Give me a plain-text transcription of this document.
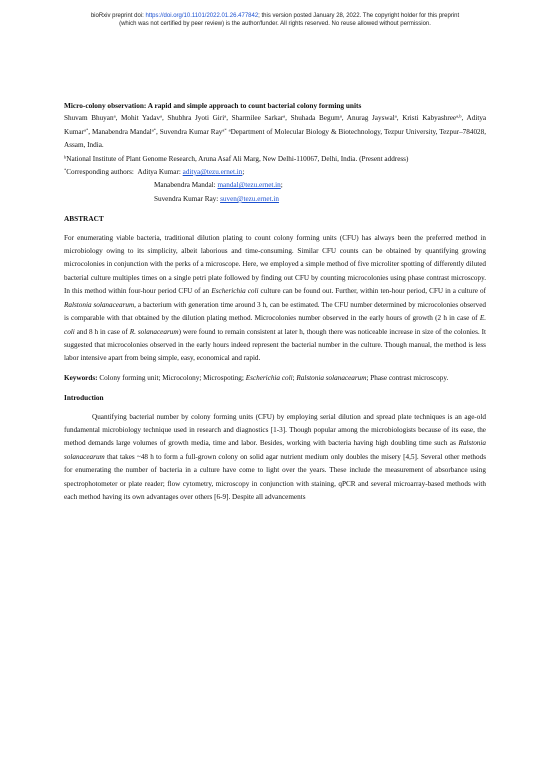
bioRxiv preprint doi: https://doi.org/10.1101/2022.01.26.477842; this version posted January 28, 2022. The copyright holder for this preprint
(which was not certified by peer review) is the author/funder. All rights reserved. No reuse allowed without permission.

Micro-colony observation: A rapid and simple approach to count bacterial colony forming units

Shuvam Bhuyan$^a$, Mohit Yadav$^a$, Shubhra Jyoti Giri$^a$, Sharmilee Sarkar$^a$, Shuhada Begum$^a$, Anurag Jayswal$^a$, Kristi Kabyashree$^{a,b}$, Aditya Kumar$^{a*}$, Manabendra Mandal$^{a*}$, Suvendra Kumar Ray$^{a*}$ $^a$Department of Molecular Biology & Biotechnology, Tezpur University, Tezpur–784028, Assam, India.

$^b$National Institute of Plant Genome Research, Aruna Asaf Ali Marg, New Delhi-110067, Delhi, India. (Present address)

*Corresponding authors: Aditya Kumar: aditya@tezu.ernet.in;

Manabendra Mandal: mandal@tezu.ernet.in;

Suvendra Kumar Ray: suven@tezu.ernet.in

ABSTRACT

For enumerating viable bacteria, traditional dilution plating to count colony forming units (CFU) has always been the preferred method in microbiology owing to its simplicity, albeit laborious and time-consuming. Similar CFU counts can be obtained by quantifying growing microcolonies in conjunction with the perks of a microscope. Here, we employed a simple method of five microliter spotting of differently diluted bacterial culture multiples times on a single petri plate followed by finding out CFU by counting microcolonies using phase contrast microscopy. In this method within four-hour period CFU of an Escherichia coli culture can be found out. Further, within ten-hour period, CFU in a culture of Ralstonia solanacearum, a bacterium with generation time around 3 h, can be estimated. The CFU number determined by microcolonies observed is comparable with that obtained by the dilution plating method. Microcolonies number observed in the early hours of growth (2 h in case of E. coli and 8 h in case of R. solanacearum) were found to remain consistent at later h, though there was noticeable increase in size of the colonies. It suggested that microcolonies observed in the early hours indeed represent the bacterial number in the culture. Though manual, the method is less labor intensive apart from being simple, easy, economical and rapid.

Keywords: Colony forming unit; Microcolony; Microspoting; Escherichia coli; Ralstonia solanacearum; Phase contrast microscopy.

Introduction

Quantifying bacterial number by colony forming units (CFU) by employing serial dilution and spread plate techniques is an age-old fundamental microbiology technique used in research and diagnostics [1-3]. Though popular among the microbiologists because of its ease, the method demands large volumes of growth media, time and labor. Besides, working with bacteria having high doubling time such as Ralstonia solanacearum that takes ~48 h to form a full-grown colony on solid agar nutrient medium only doubles the misery [4,5]. Several other methods for enumerating the number of bacteria in a culture have come to light over the years. These include the measurement of absorbance using spectrophotometer or plate reader; flow cytometry, microscopy in conjunction with staining, qPCR and several microarray-based methods with each method having its own advantages over others [6-9]. Despite all advancements
